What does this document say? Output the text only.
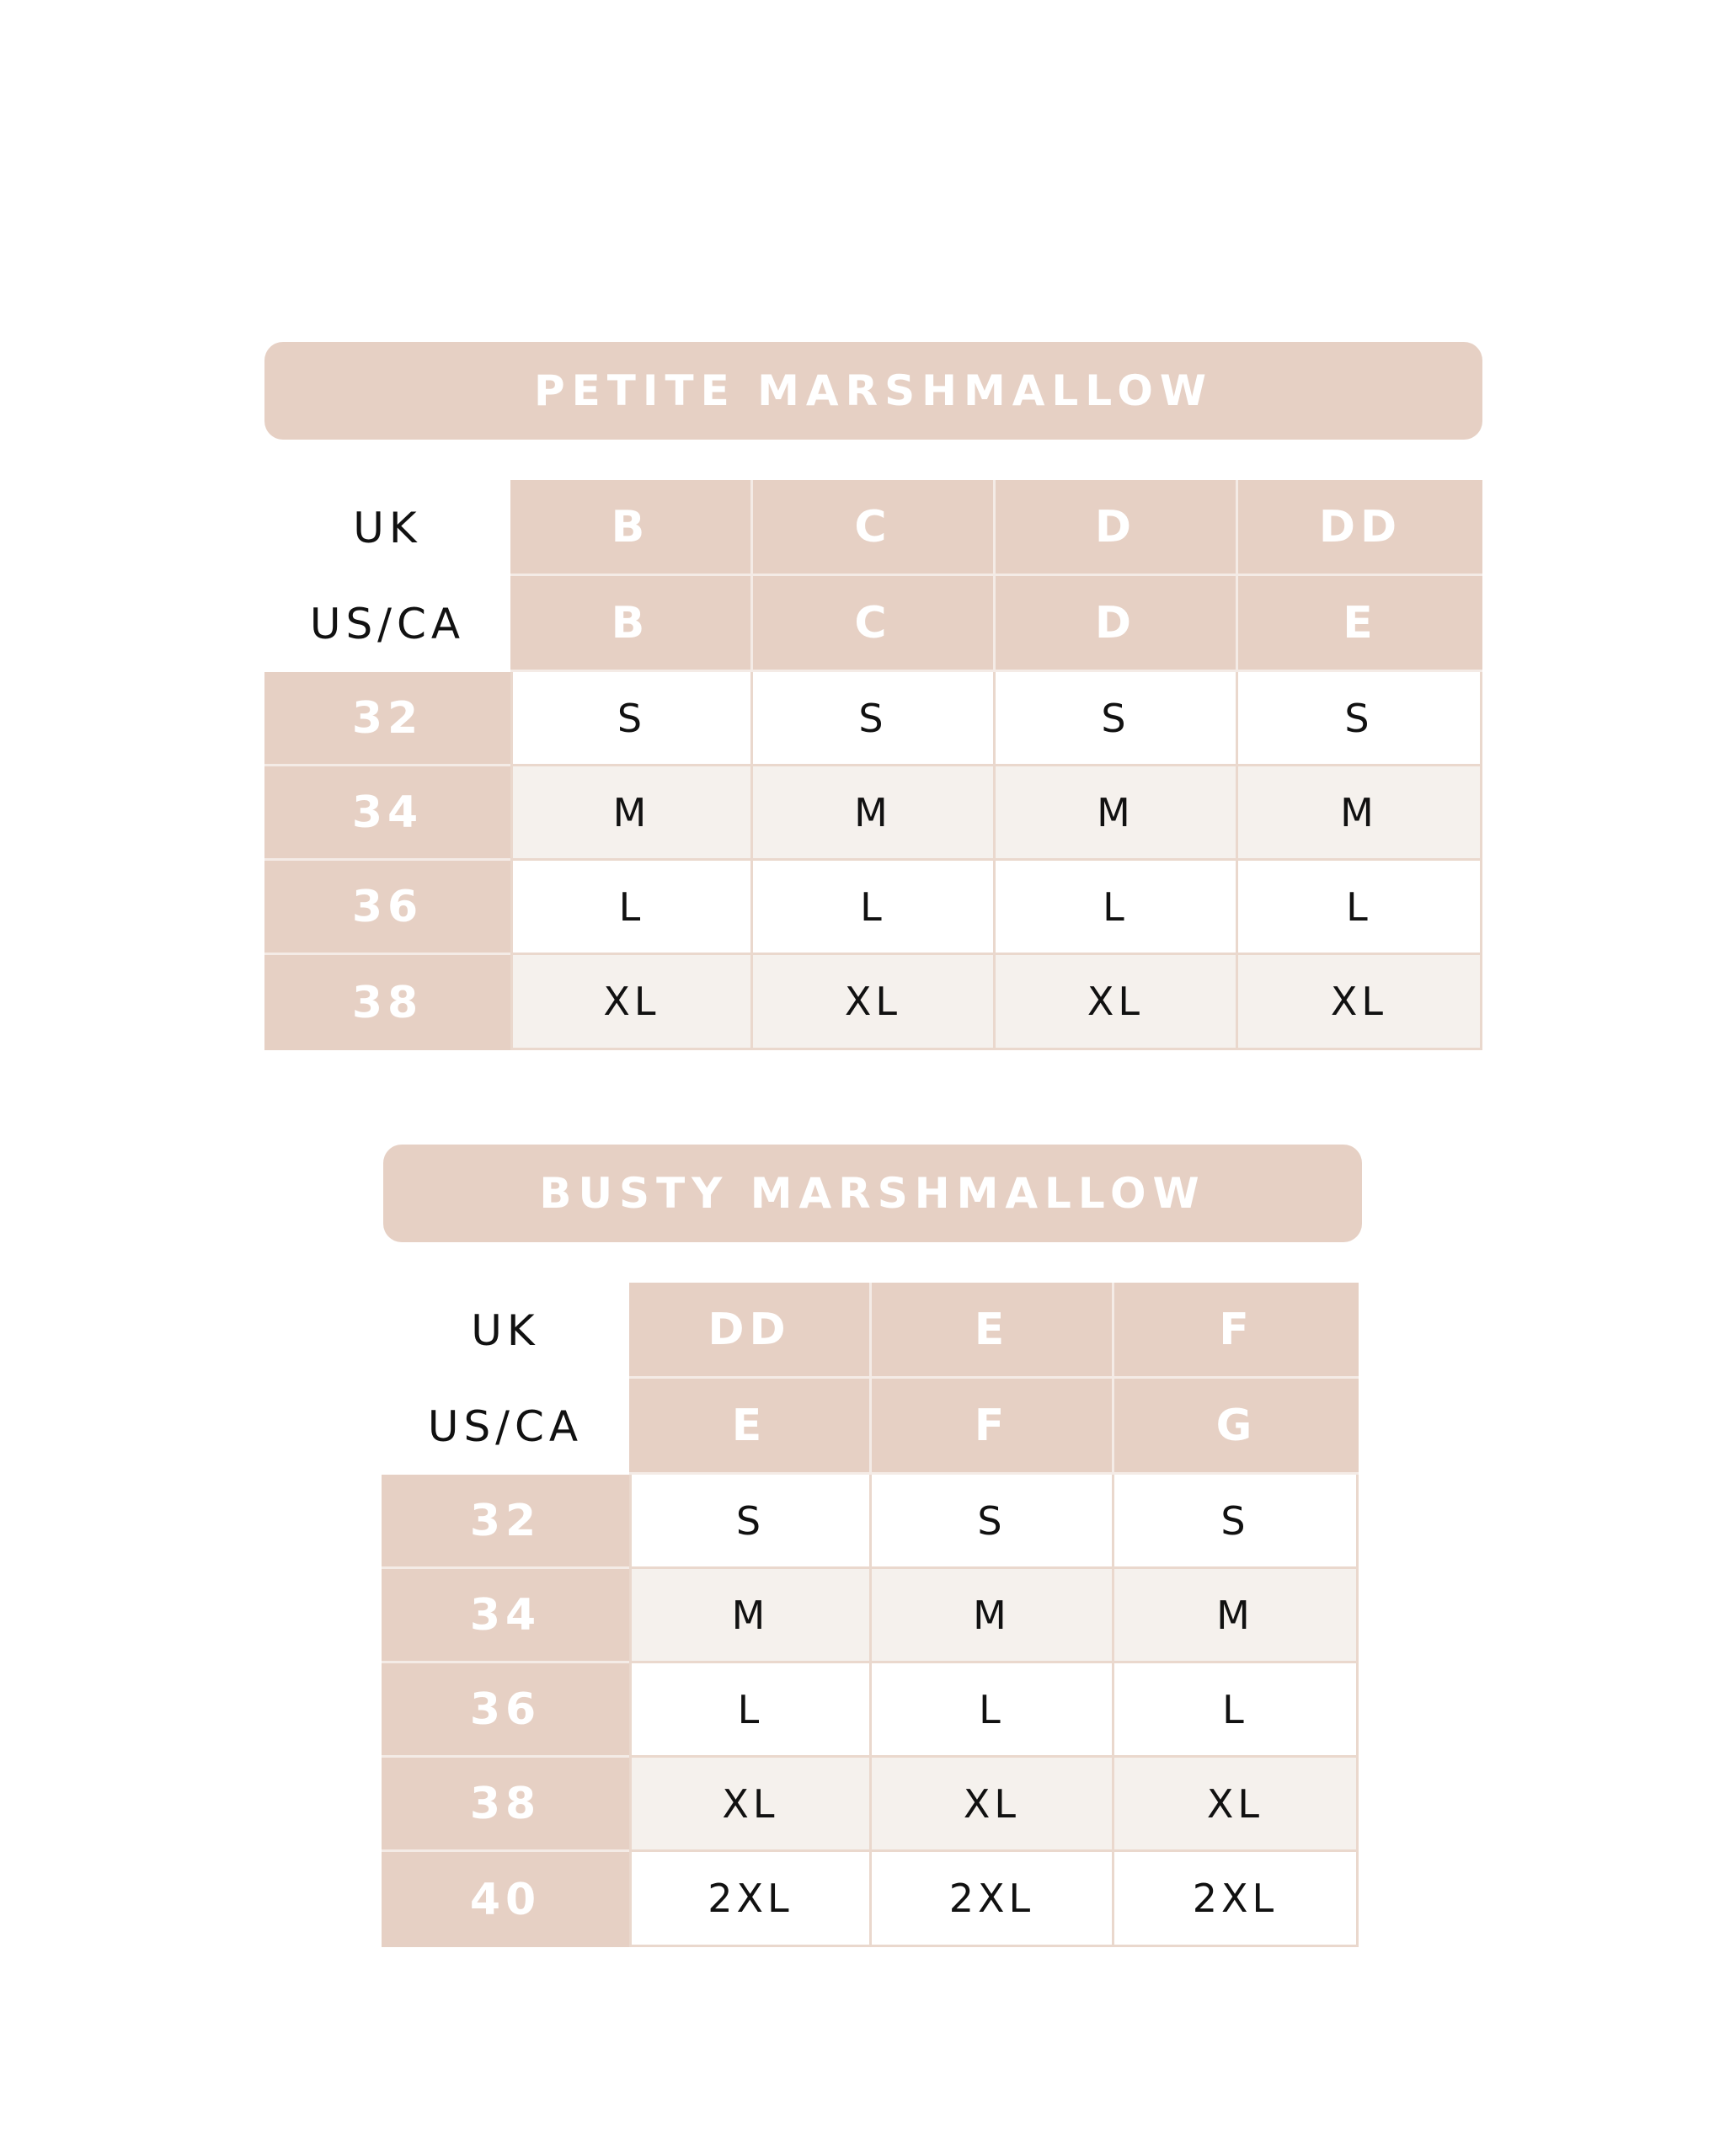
PETITE MARSHMALLOW
UK	B	C	D	DD
US/CA	B	C	D	E
32	S	S	S	S
34	M	M	M	M
36	L	L	L	L
38	XL	XL	XL	XL
BUSTY MARSHMALLOW
UK	DD	E	F
US/CA	E	F	G
32	S	S	S
34	M	M	M
36	L	L	L
38	XL	XL	XL
40	2XL	2XL	2XL
